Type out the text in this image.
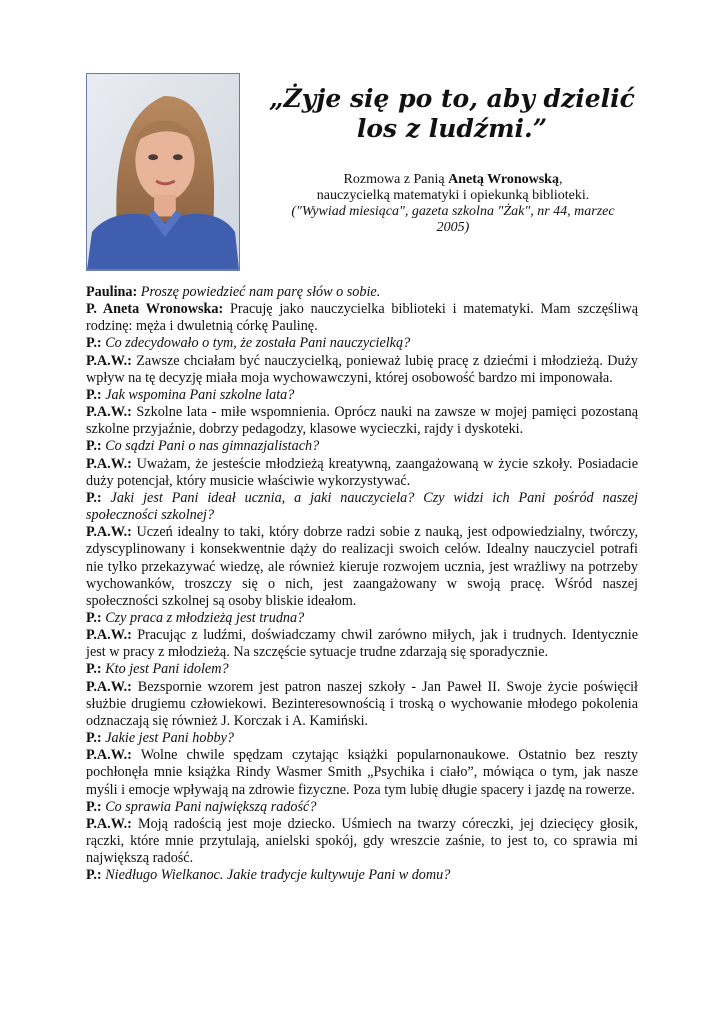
„Żyje się po to, aby dzielić los z ludźmi.”
Rozmowa z Panią Anetą Wronowską,
nauczycielką matematyki i opiekunką biblioteki.
("Wywiad miesiąca", gazeta szkolna "Żak", nr 44, marzec 2005)

Paulina: Proszę powiedzieć nam parę słów o sobie.

P. Aneta Wronowska: Pracuję jako nauczycielka biblioteki i matematyki. Mam szczęśliwą rodzinę: męża i dwuletnią córkę Paulinę.

P.: Co zdecydowało o tym, że została Pani nauczycielką?

P.A.W.: Zawsze chciałam być nauczycielką, ponieważ lubię pracę z dziećmi i młodzieżą. Duży wpływ na tę decyzję miała moja wychowawczyni, której osobowość bardzo mi imponowała.

P.: Jak wspomina Pani szkolne lata?

P.A.W.: Szkolne lata - miłe wspomnienia. Oprócz nauki na zawsze w mojej pamięci pozostaną szkolne przyjaźnie, dobrzy pedagodzy, klasowe wycieczki, rajdy i dyskoteki.

P.: Co sądzi Pani o nas gimnazjalistach?

P.A.W.: Uważam, że jesteście młodzieżą kreatywną, zaangażowaną w życie szkoły. Posiadacie duży potencjał, który musicie właściwie wykorzystywać.

P.: Jaki jest Pani ideał ucznia, a jaki nauczyciela? Czy widzi ich Pani pośród naszej społeczności szkolnej?

P.A.W.: Uczeń idealny to taki, który dobrze radzi sobie z nauką, jest odpowiedzialny, twórczy, zdyscyplinowany i konsekwentnie dąży do realizacji swoich celów. Idealny nauczyciel potrafi nie tylko przekazywać wiedzę, ale również kieruje rozwojem ucznia, jest wrażliwy na potrzeby wychowanków, troszczy się o nich, jest zaangażowany w swoją pracę. Wśród naszej społeczności szkolnej są osoby bliskie ideałom.

P.: Czy praca z młodzieżą jest trudna?

P.A.W.: Pracując z ludźmi, doświadczamy chwil zarówno miłych, jak i trudnych. Identycznie jest w pracy z młodzieżą. Na szczęście sytuacje trudne zdarzają się sporadycznie.

P.: Kto jest Pani idolem?

P.A.W.: Bezspornie wzorem jest patron naszej szkoły - Jan Paweł II. Swoje życie poświęcił służbie drugiemu człowiekowi. Bezinteresownością i troską o wychowanie młodego pokolenia odznaczają się również J. Korczak i A. Kamiński.

P.: Jakie jest Pani hobby?

P.A.W.: Wolne chwile spędzam czytając książki popularnonaukowe. Ostatnio bez reszty pochłonęła mnie książka Rindy Wasmer Smith „Psychika i ciało”, mówiąca o tym, jak nasze myśli i emocje wpływają na zdrowie fizyczne. Poza tym lubię długie spacery i jazdę na rowerze.

P.: Co sprawia Pani największą radość?

P.A.W.: Moją radością jest moje dziecko. Uśmiech na twarzy córeczki, jej dziecięcy głosik, rączki, które mnie przytulają, anielski spokój, gdy wreszcie zaśnie, to jest to, co sprawia mi największą radość.

P.: Niedługo Wielkanoc. Jakie tradycje kultywuje Pani w domu?
